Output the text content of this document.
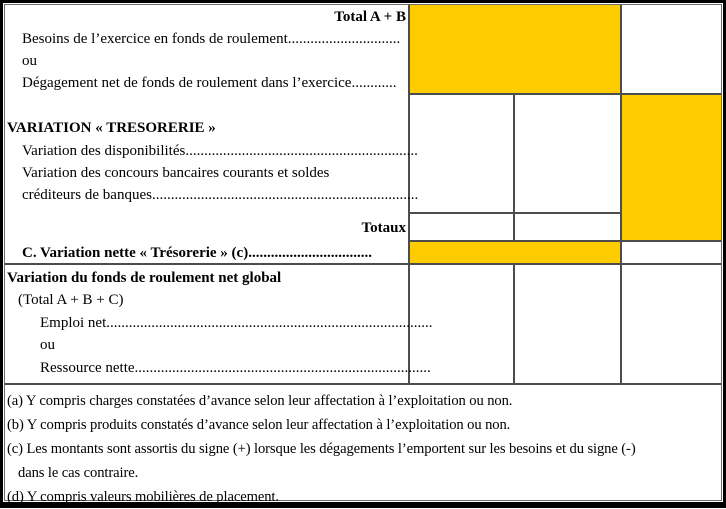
Total A + B
Besoins de l’exercice en fonds de roulement..............................
ou
Dégagement net de fonds de roulement dans l’exercice............
VARIATION « TRESORERIE »
Variation des disponibilités..............................................................
Variation des concours bancaires courants et soldes
créditeurs de banques.......................................................................
Totaux
C. Variation nette « Trésorerie » (c).................................
Variation du fonds de roulement net global
(Total A + B + C)
Emploi net.......................................................................................
ou
Ressource nette...............................................................................
(a) Y compris charges constatées d’avance selon leur affectation à l’exploitation ou non.
(b) Y compris produits constatés d’avance selon leur affectation à l’exploitation ou non.
(c) Les montants sont assortis du signe (+) lorsque les dégagements l’emportent sur les besoins et du signe (-)
dans le cas contraire.
(d) Y compris valeurs mobilières de placement.
